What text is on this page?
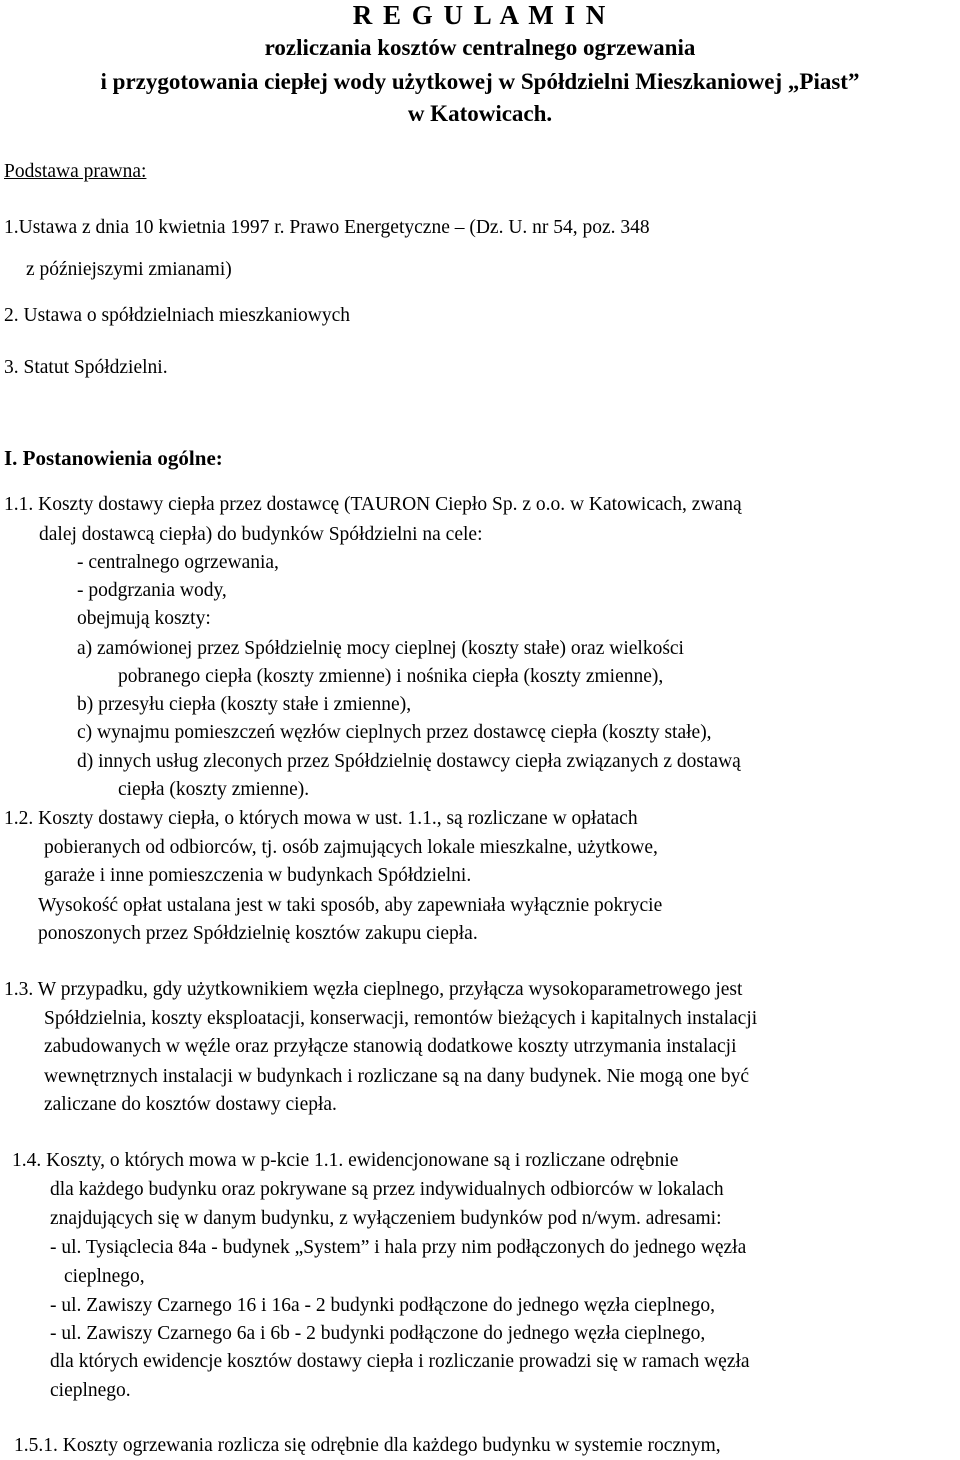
R E G U L A M I N
rozliczania kosztów centralnego ogrzewania
i przygotowania ciepłej wody użytkowej w Spółdzielni Mieszkaniowej „Piast”
w Katowicach.
Podstawa prawna:
1.Ustawa z dnia 10 kwietnia 1997 r. Prawo Energetyczne – (Dz. U. nr 54, poz. 348
z późniejszymi zmianami)
2. Ustawa o spółdzielniach mieszkaniowych
3. Statut Spółdzielni.
I. Postanowienia ogólne:
1.1. Koszty dostawy ciepła przez dostawcę (TAURON Ciepło Sp. z o.o. w Katowicach, zwaną
dalej dostawcą ciepła) do budynków Spółdzielni na cele:
- centralnego ogrzewania,
- podgrzania wody,
obejmują koszty:
a) zamówionej przez Spółdzielnię mocy cieplnej (koszty stałe) oraz wielkości
pobranego ciepła (koszty zmienne) i nośnika ciepła (koszty zmienne),
b) przesyłu ciepła (koszty stałe i zmienne),
c) wynajmu pomieszczeń węzłów cieplnych przez dostawcę ciepła (koszty stałe),
d) innych usług zleconych przez Spółdzielnię dostawcy ciepła związanych z dostawą
ciepła (koszty zmienne).
1.2. Koszty dostawy ciepła, o których mowa w ust. 1.1., są rozliczane w opłatach
pobieranych od odbiorców, tj. osób zajmujących lokale mieszkalne, użytkowe,
garaże i inne pomieszczenia w budynkach Spółdzielni.
Wysokość opłat ustalana jest w taki sposób, aby zapewniała wyłącznie pokrycie
ponoszonych przez Spółdzielnię kosztów zakupu ciepła.
1.3. W przypadku, gdy użytkownikiem węzła cieplnego, przyłącza wysokoparametrowego jest
Spółdzielnia, koszty eksploatacji, konserwacji, remontów bieżących i kapitalnych instalacji
zabudowanych w węźle oraz przyłącze stanowią dodatkowe koszty utrzymania instalacji
wewnętrznych instalacji w budynkach i rozliczane są na dany budynek. Nie mogą one być
zaliczane do kosztów dostawy ciepła.
1.4. Koszty, o których mowa w p-kcie 1.1. ewidencjonowane są i rozliczane odrębnie
dla każdego budynku oraz pokrywane są przez indywidualnych odbiorców w lokalach
znajdujących się w danym budynku, z wyłączeniem budynków pod n/wym. adresami:
- ul. Tysiąclecia 84a - budynek „System” i hala przy nim podłączonych do jednego węzła
cieplnego,
- ul. Zawiszy Czarnego 16 i 16a - 2 budynki podłączone do jednego węzła cieplnego,
- ul. Zawiszy Czarnego 6a i 6b - 2 budynki podłączone do jednego węzła cieplnego,
dla których ewidencje kosztów dostawy ciepła i rozliczanie prowadzi się w ramach węzła
cieplnego.
1.5.1. Koszty ogrzewania rozlicza się odrębnie dla każdego budynku w systemie rocznym,
